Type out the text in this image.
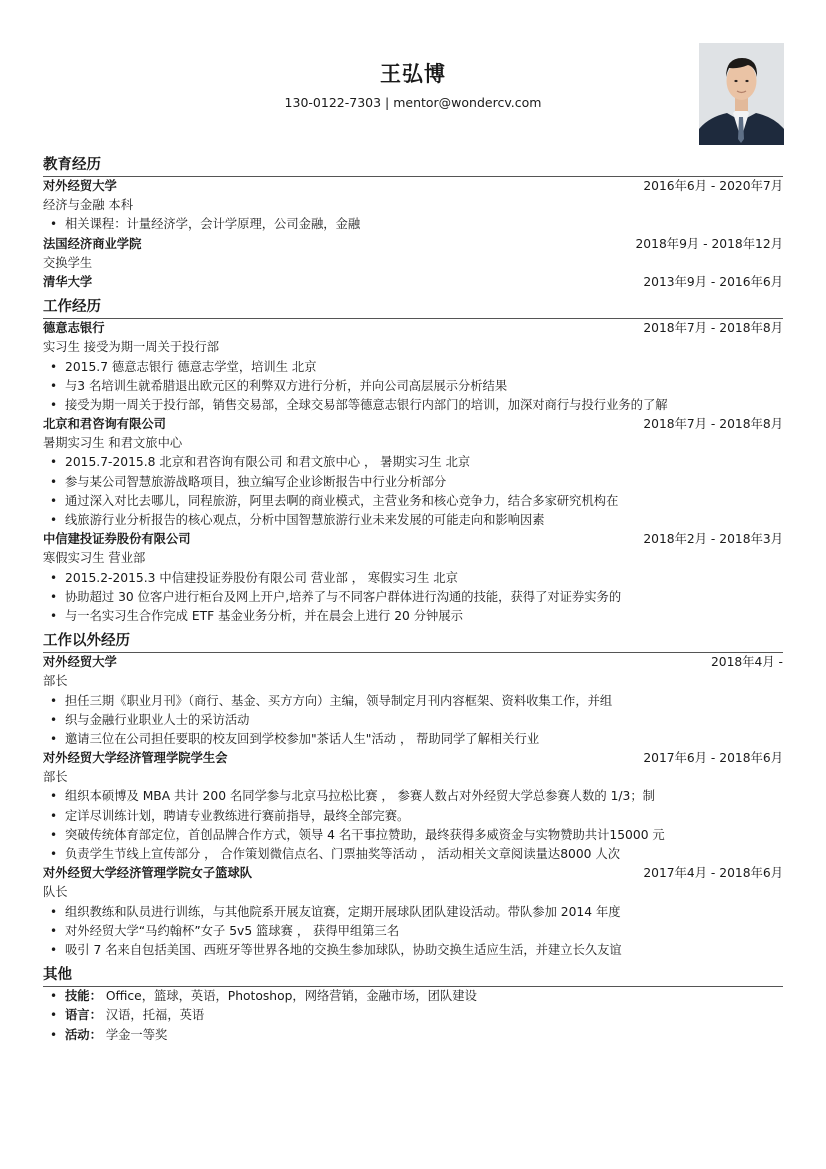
王弘博
130-0122-7303 | mentor@wondercv.com
教育经历
对外经贸大学	2016年6月 - 2020年7月
经济与金融 本科
• 相关课程：计量经济学，会计学原理，公司金融，金融
法国经济商业学院	2018年9月 - 2018年12月
交换学生
清华大学	2013年9月 - 2016年6月
工作经历
德意志银行	2018年7月 - 2018年8月
实习生 接受为期一周关于投行部
• 2015.7 德意志银行 德意志学堂，培训生 北京
• 与3 名培训生就希腊退出欧元区的利弊双方进行分析，并向公司高层展示分析结果
• 接受为期一周关于投行部，销售交易部，全球交易部等德意志银行内部门的培训，加深对商行与投行业务的了解
北京和君咨询有限公司	2018年7月 - 2018年8月
暑期实习生 和君文旅中心
• 2015.7-2015.8 北京和君咨询有限公司 和君文旅中心 ， 暑期实习生 北京
• 参与某公司智慧旅游战略项目，独立编写企业诊断报告中行业分析部分
• 通过深入对比去哪儿，同程旅游，阿里去啊的商业模式，主营业务和核心竞争力，结合多家研究机构在
• 线旅游行业分析报告的核心观点，分析中国智慧旅游行业未来发展的可能走向和影响因素
中信建投证券股份有限公司	2018年2月 - 2018年3月
寒假实习生 营业部
• 2015.2-2015.3 中信建投证券股份有限公司 营业部 ， 寒假实习生 北京
• 协助超过 30 位客户进行柜台及网上开户,培养了与不同客户群体进行沟通的技能，获得了对证券实务的
• 与一名实习生合作完成 ETF 基金业务分析，并在晨会上进行 20 分钟展示
工作以外经历
对外经贸大学	2018年4月 -
部长
• 担任三期《职业月刊》（商行、基金、买方方向）主编，领导制定月刊内容框架、资料收集工作，并组
• 织与金融行业职业人士的采访活动
• 邀请三位在公司担任要职的校友回到学校参加"茶话人生"活动 ， 帮助同学了解相关行业
对外经贸大学经济管理学院学生会	2017年6月 - 2018年6月
部长
• 组织本硕博及 MBA 共计 200 名同学参与北京马拉松比赛 ， 参赛人数占对外经贸大学总参赛人数的 1/3；制
• 定详尽训练计划，聘请专业教练进行赛前指导，最终全部完赛。
• 突破传统体育部定位，首创品牌合作方式，领导 4 名干事拉赞助，最终获得多威资金与实物赞助共计15000 元
• 负责学生节线上宣传部分 ， 合作策划微信点名、门票抽奖等活动 ， 活动相关文章阅读量达8000 人次
对外经贸大学经济管理学院女子篮球队	2017年4月 - 2018年6月
队长
• 组织教练和队员进行训练，与其他院系开展友谊赛，定期开展球队团队建设活动。带队参加 2014 年度
• 对外经贸大学“马约翰杯”女子 5v5 篮球赛 ， 获得甲组第三名
• 吸引 7 名来自包括美国、西班牙等世界各地的交换生参加球队，协助交换生适应生活，并建立长久友谊
其他
• 技能： Office，篮球，英语，Photoshop，网络营销，金融市场，团队建设
• 语言： 汉语，托福，英语
• 活动： 学金一等奖
